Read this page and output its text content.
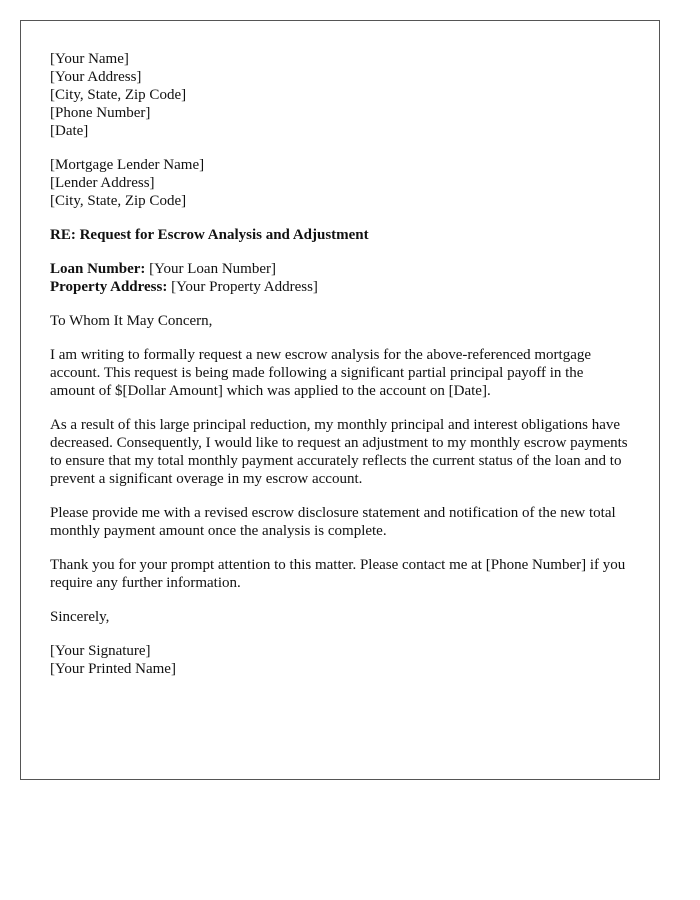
[Your Name]
[Your Address]
[City, State, Zip Code]
[Phone Number]
[Date]
[Mortgage Lender Name]
[Lender Address]
[City, State, Zip Code]
RE: Request for Escrow Analysis and Adjustment
Loan Number: [Your Loan Number]
Property Address: [Your Property Address]
To Whom It May Concern,
I am writing to formally request a new escrow analysis for the above-referenced mortgage account. This request is being made following a significant partial principal payoff in the amount of $[Dollar Amount] which was applied to the account on [Date].
As a result of this large principal reduction, my monthly principal and interest obligations have decreased. Consequently, I would like to request an adjustment to my monthly escrow payments to ensure that my total monthly payment accurately reflects the current status of the loan and to prevent a significant overage in my escrow account.
Please provide me with a revised escrow disclosure statement and notification of the new total monthly payment amount once the analysis is complete.
Thank you for your prompt attention to this matter. Please contact me at [Phone Number] if you require any further information.
Sincerely,
[Your Signature]
[Your Printed Name]
